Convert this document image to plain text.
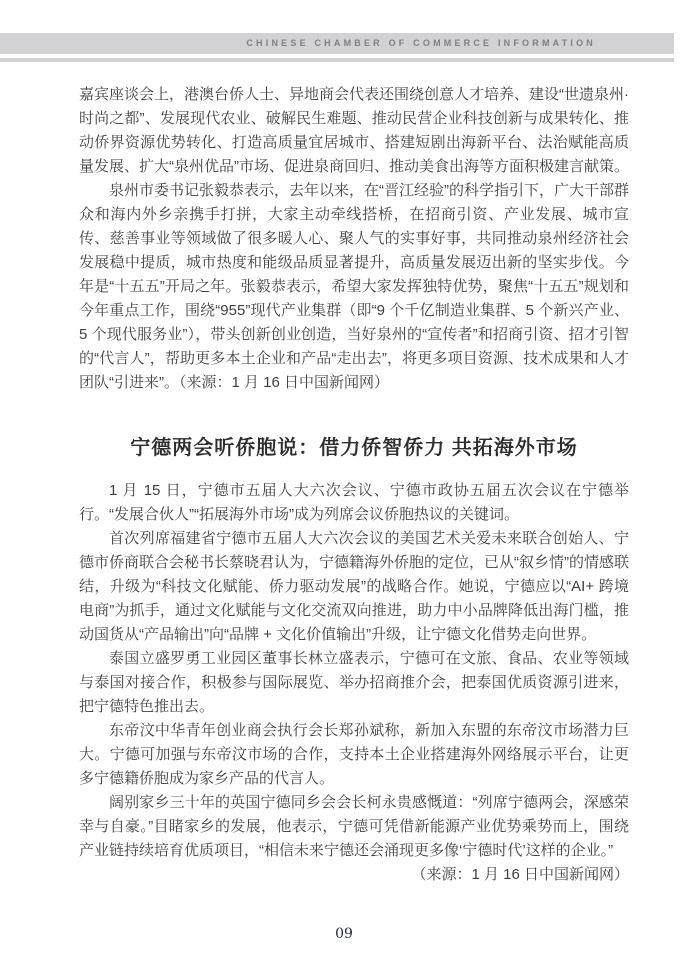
CHINESE CHAMBER OF COMMERCE INFORMATION

嘉宾座谈会上，港澳台侨人士、异地商会代表还围绕创意人才培养、建设“世遗泉州·时尚之都”、发展现代农业、破解民生难题、推动民营企业科技创新与成果转化、推动侨界资源优势转化、打造高质量宜居城市、搭建短剧出海新平台、法治赋能高质量发展、扩大“泉州优品”市场、促进泉商回归、推动美食出海等方面积极建言献策。

泉州市委书记张毅恭表示，去年以来，在“晋江经验”的科学指引下，广大干部群众和海内外乡亲携手打拼，大家主动牵线搭桥，在招商引资、产业发展、城市宣传、慈善事业等领域做了很多暖人心、聚人气的实事好事，共同推动泉州经济社会发展稳中提质，城市热度和能级品质显著提升，高质量发展迈出新的坚实步伐。今年是“十五五”开局之年。张毅恭表示，希望大家发挥独特优势，聚焦“十五五”规划和今年重点工作，围绕“955”现代产业集群（即“9 个千亿制造业集群、5 个新兴产业、5 个现代服务业”），带头创新创业创造，当好泉州的“宣传者”和招商引资、招才引智的“代言人”，帮助更多本土企业和产品“走出去”，将更多项目资源、技术成果和人才团队“引进来”。（来源：1 月 16 日中国新闻网）

宁德两会听侨胞说：借力侨智侨力 共拓海外市场

1 月 15 日，宁德市五届人大六次会议、宁德市政协五届五次会议在宁德举行。“发展合伙人”“拓展海外市场”成为列席会议侨胞热议的关键词。

首次列席福建省宁德市五届人大六次会议的美国艺术关爱未来联合创始人、宁德市侨商联合会秘书长蔡晓君认为，宁德籍海外侨胞的定位，已从“叙乡情”的情感联结，升级为“科技文化赋能、侨力驱动发展”的战略合作。她说，宁德应以“AI+ 跨境电商”为抓手，通过文化赋能与文化交流双向推进，助力中小品牌降低出海门槛，推动国货从“产品输出”向“品牌 + 文化价值输出”升级，让宁德文化借势走向世界。

泰国立盛罗勇工业园区董事长林立盛表示，宁德可在文旅、食品、农业等领域与泰国对接合作，积极参与国际展览、举办招商推介会，把泰国优质资源引进来，把宁德特色推出去。

东帝汶中华青年创业商会执行会长郑孙斌称，新加入东盟的东帝汶市场潜力巨大。宁德可加强与东帝汶市场的合作，支持本土企业搭建海外网络展示平台，让更多宁德籍侨胞成为家乡产品的代言人。

阔别家乡三十年的英国宁德同乡会会长柯永贵感慨道：“列席宁德两会，深感荣幸与自豪。”目睹家乡的发展，他表示，宁德可凭借新能源产业优势乘势而上，围绕产业链持续培育优质项目，“相信未来宁德还会涌现更多像‘宁德时代’这样的企业。”

（来源：1 月 16 日中国新闻网）

09
